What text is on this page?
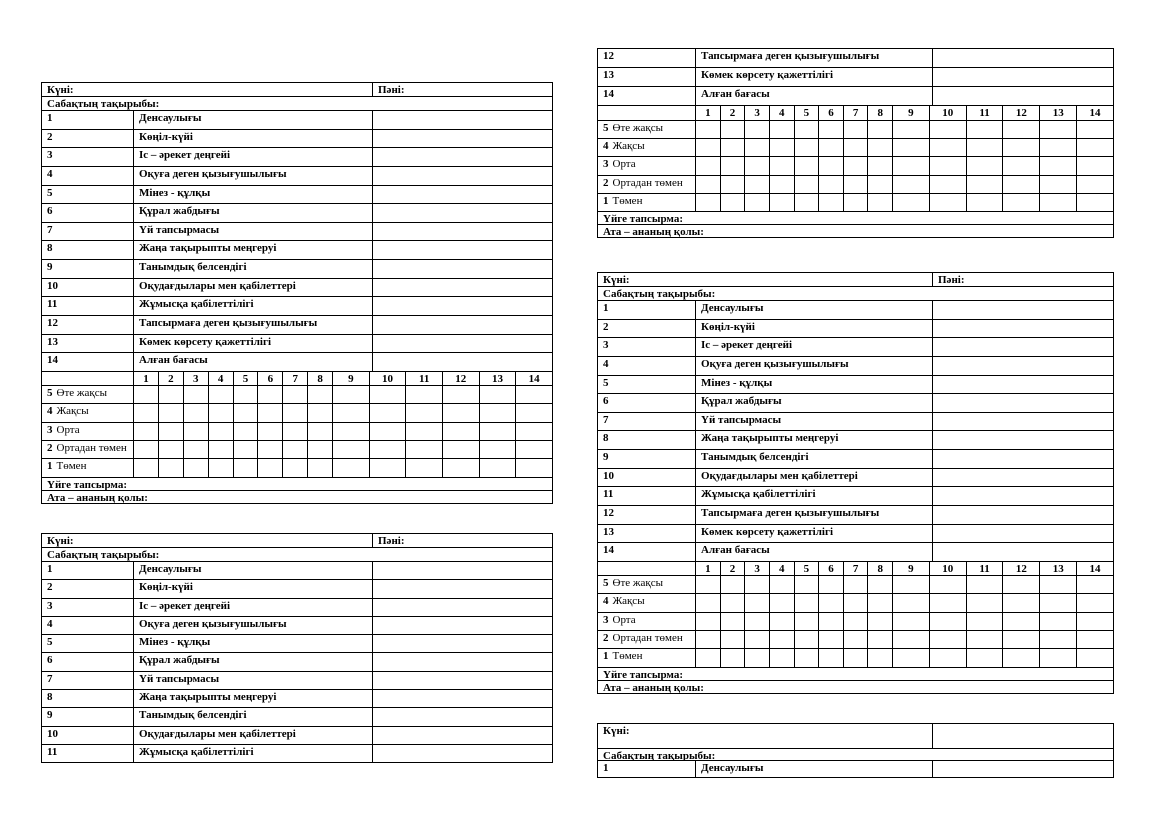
Күні:	Пәні:
Сабақтың тақырыбы:
1	Денсаулығы
2	Көңіл-күйі
3	Іс – әрекет деңгейі
4	Оқуға деген қызығушылығы
5	Мінез - құлқы
6	Құрал жабдығы
7	Үй тапсырмасы
8	Жаңа тақырыпты меңгеруі
9	Танымдық белсендігі
10	Оқудағдылары мен қабілеттері
11	Жұмысқа қабілеттілігі
12	Тапсырмаға деген қызығушылығы
13	Көмек көрсету қажеттілігі
14	Алған бағасы
1	2	3	4	5	6	7	8	9	10	11	12	13	14
5 Өте жақсы
4 Жақсы
3 Орта
2 Ортадан төмен
1 Төмен
Үйге тапсырма:
Ата – ананың қолы:
Күні:	Пәні:
Сабақтың тақырыбы:
1	Денсаулығы
2	Көңіл-күйі
3	Іс – әрекет деңгейі
4	Оқуға деген қызығушылығы
5	Мінез - құлқы
6	Құрал жабдығы
7	Үй тапсырмасы
8	Жаңа тақырыпты меңгеруі
9	Танымдық белсендігі
10	Оқудағдылары мен қабілеттері
11	Жұмысқа қабілеттілігі
12	Тапсырмаға деген қызығушылығы
13	Көмек көрсету қажеттілігі
14	Алған бағасы
1	2	3	4	5	6	7	8	9	10	11	12	13	14
5 Өте жақсы
4 Жақсы
3 Орта
2 Ортадан төмен
1 Төмен
Үйге тапсырма:
Ата – ананың қолы:
Күні:	Пәні:
Сабақтың тақырыбы:
1	Денсаулығы
2	Көңіл-күйі
3	Іс – әрекет деңгейі
4	Оқуға деген қызығушылығы
5	Мінез - құлқы
6	Құрал жабдығы
7	Үй тапсырмасы
8	Жаңа тақырыпты меңгеруі
9	Танымдық белсендігі
10	Оқудағдылары мен қабілеттері
11	Жұмысқа қабілеттілігі
12	Тапсырмаға деген қызығушылығы
13	Көмек көрсету қажеттілігі
14	Алған бағасы
1	2	3	4	5	6	7	8	9	10	11	12	13	14
5 Өте жақсы
4 Жақсы
3 Орта
2 Ортадан төмен
1 Төмен
Үйге тапсырма:
Ата – ананың қолы:
Күні:
Сабақтың тақырыбы:
1	Денсаулығы
